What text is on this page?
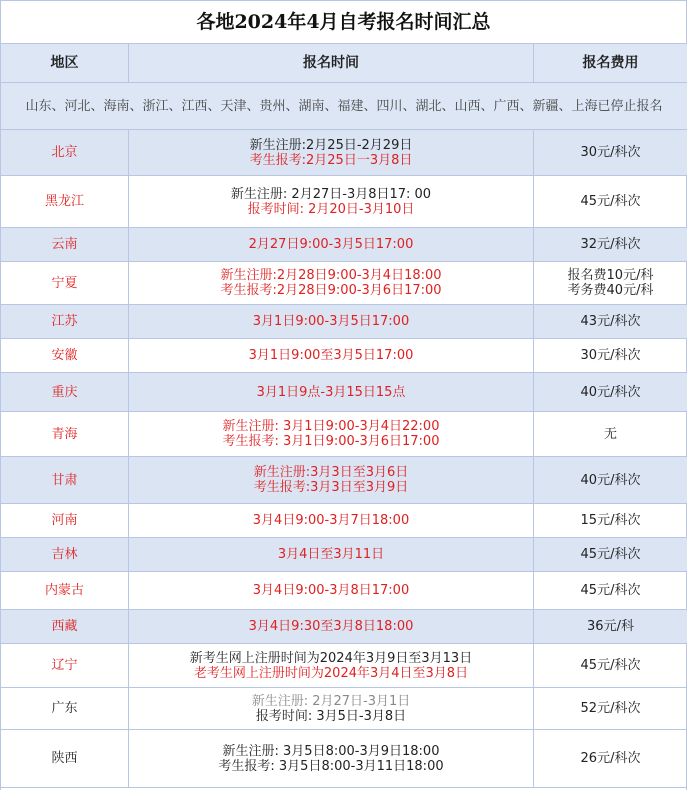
各地2024年4月自考报名时间汇总
地区	报名时间	报名费用
山东、河北、海南、浙江、江西、天津、贵州、湖南、福建、四川、湖北、山西、广西、新疆、上海已停止报名		
北京	新生注册:2月25日-2月29日
考生报考:2月25日一3月8日	30元/科次

黑龙江	新生注册: 2月27日-3月8日17: 00
报考时间: 2月20日-3月10日	45元/科次

云南	2月27日9:00-3月5日17:00	32元/科次

宁夏	新生注册:2月28日9:00-3月4日18:00
考生报考:2月28日9:00-3月6日17:00	报名费10元/科
考务费40元/科

江苏	3月1日9:00-3月5日17:00	43元/科次

安徽	3月1日9:00至3月5日17:00	30元/科次

重庆	3月1日9点-3月15日15点	40元/科次

青海	新生注册: 3月1日9:00-3月4日22:00
考生报考: 3月1日9:00-3月6日17:00	无

甘肃	新生注册:3月3日至3月6日
考生报考:3月3日至3月9日	40元/科次

河南	3月4日9:00-3月7日18:00	15元/科次

吉林	3月4日至3月11日	45元/科次

内蒙古	3月4日9:00-3月8日17:00	45元/科次

西藏	3月4日9:30至3月8日18:00	36元/科

辽宁	新考生网上注册时间为2024年3月9日至3月13日
老考生网上注册时间为2024年3月4日至3月8日	45元/科次

广东	新生注册: 2月27日-3月1日
报考时间: 3月5日-3月8日	52元/科次

陕西	新生注册: 3月5日8:00-3月9日18:00
考生报考: 3月5日8:00-3月11日18:00	26元/科次
